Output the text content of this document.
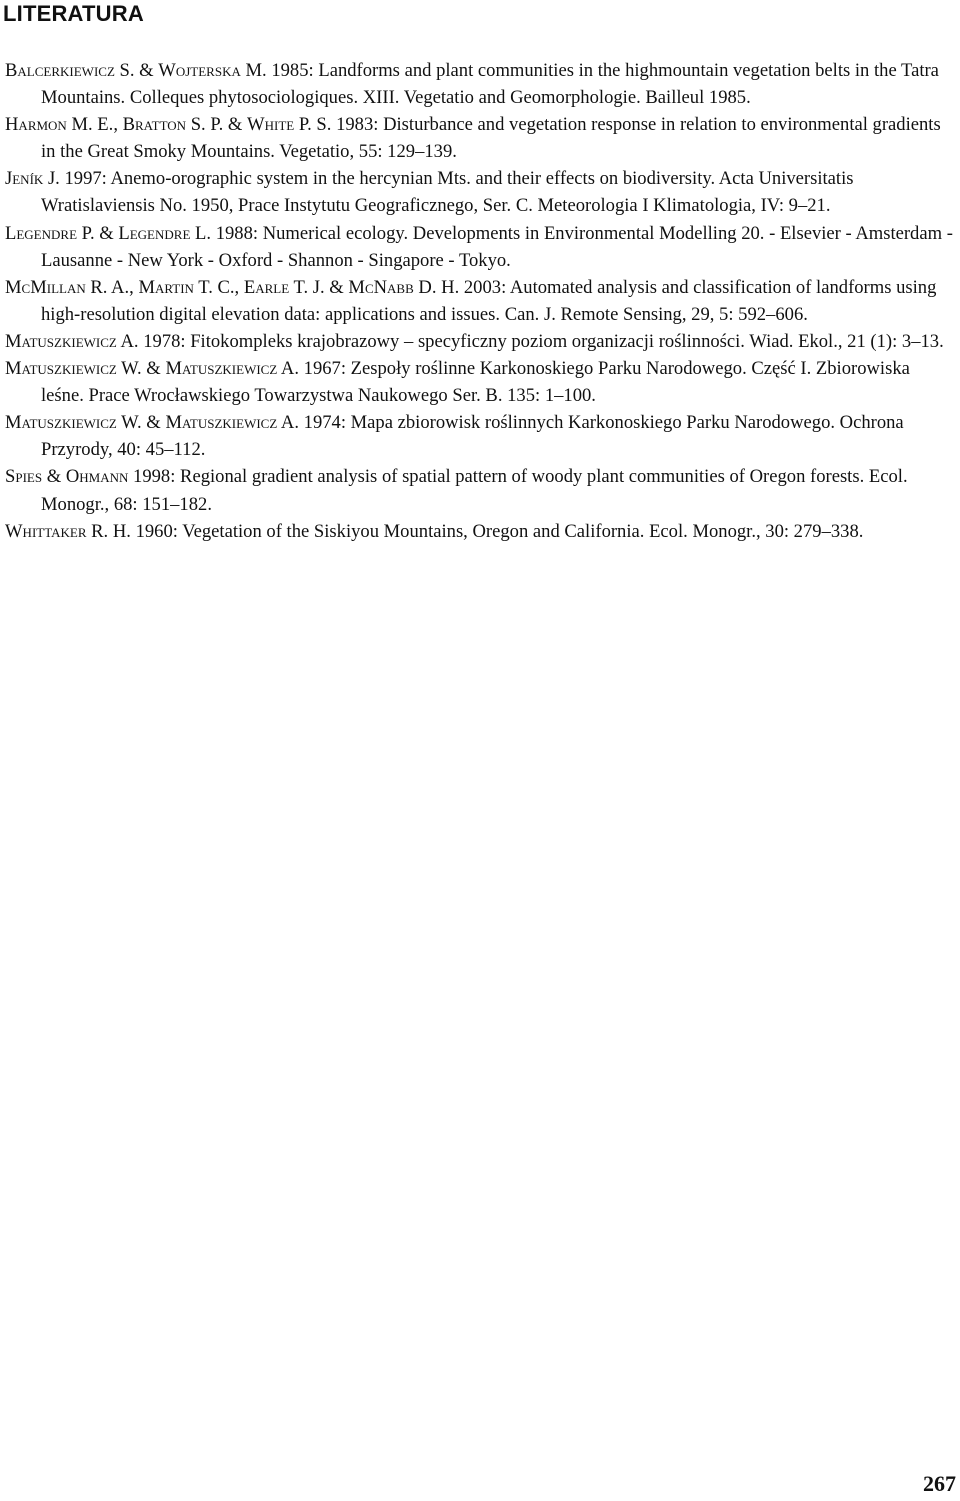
LITERATURA
Balcerkiewicz S. & Wojterska M. 1985: Landforms and plant communities in the highmountain vegetation belts in the Tatra Mountains. Colleques phytosociologiques. XIII. Vegetatio and Geomorphologie. Bailleul 1985.
Harmon M. E., Bratton S. P. & White P. S. 1983: Disturbance and vegetation response in relation to environmental gradients in the Great Smoky Mountains. Vegetatio, 55: 129–139.
Jeník J. 1997: Anemo-orographic system in the hercynian Mts. and their effects on biodiversity. Acta Universitatis Wratislaviensis No. 1950, Prace Instytutu Geograficznego, Ser. C. Meteorologia I Klimatologia, IV: 9–21.
Legendre P. & Legendre L. 1988: Numerical ecology. Developments in Environmental Modelling 20. - Elsevier - Amsterdam - Lausanne - New York - Oxford - Shannon - Singapore - Tokyo.
McMillan R. A., Martin T. C., Earle T. J. & McNabb D. H. 2003: Automated analysis and classification of landforms using high-resolution digital elevation data: applications and issues. Can. J. Remote Sensing, 29, 5: 592–606.
Matuszkiewicz A. 1978: Fitokompleks krajobrazowy – specyficzny poziom organizacji roślinności. Wiad. Ekol., 21 (1): 3–13.
Matuszkiewicz W. & Matuszkiewicz A. 1967: Zespoły roślinne Karkonoskiego Parku Narodowego. Część I. Zbiorowiska leśne. Prace Wrocławskiego Towarzystwa Naukowego Ser. B. 135: 1–100.
Matuszkiewicz W. & Matuszkiewicz A. 1974: Mapa zbiorowisk roślinnych Karkonoskiego Parku Narodowego. Ochrona Przyrody, 40: 45–112.
Spies & Ohmann 1998: Regional gradient analysis of spatial pattern of woody plant communities of Oregon forests. Ecol. Monogr., 68: 151–182.
Whittaker R. H. 1960: Vegetation of the Siskiyou Mountains, Oregon and California. Ecol. Monogr., 30: 279–338.
267
